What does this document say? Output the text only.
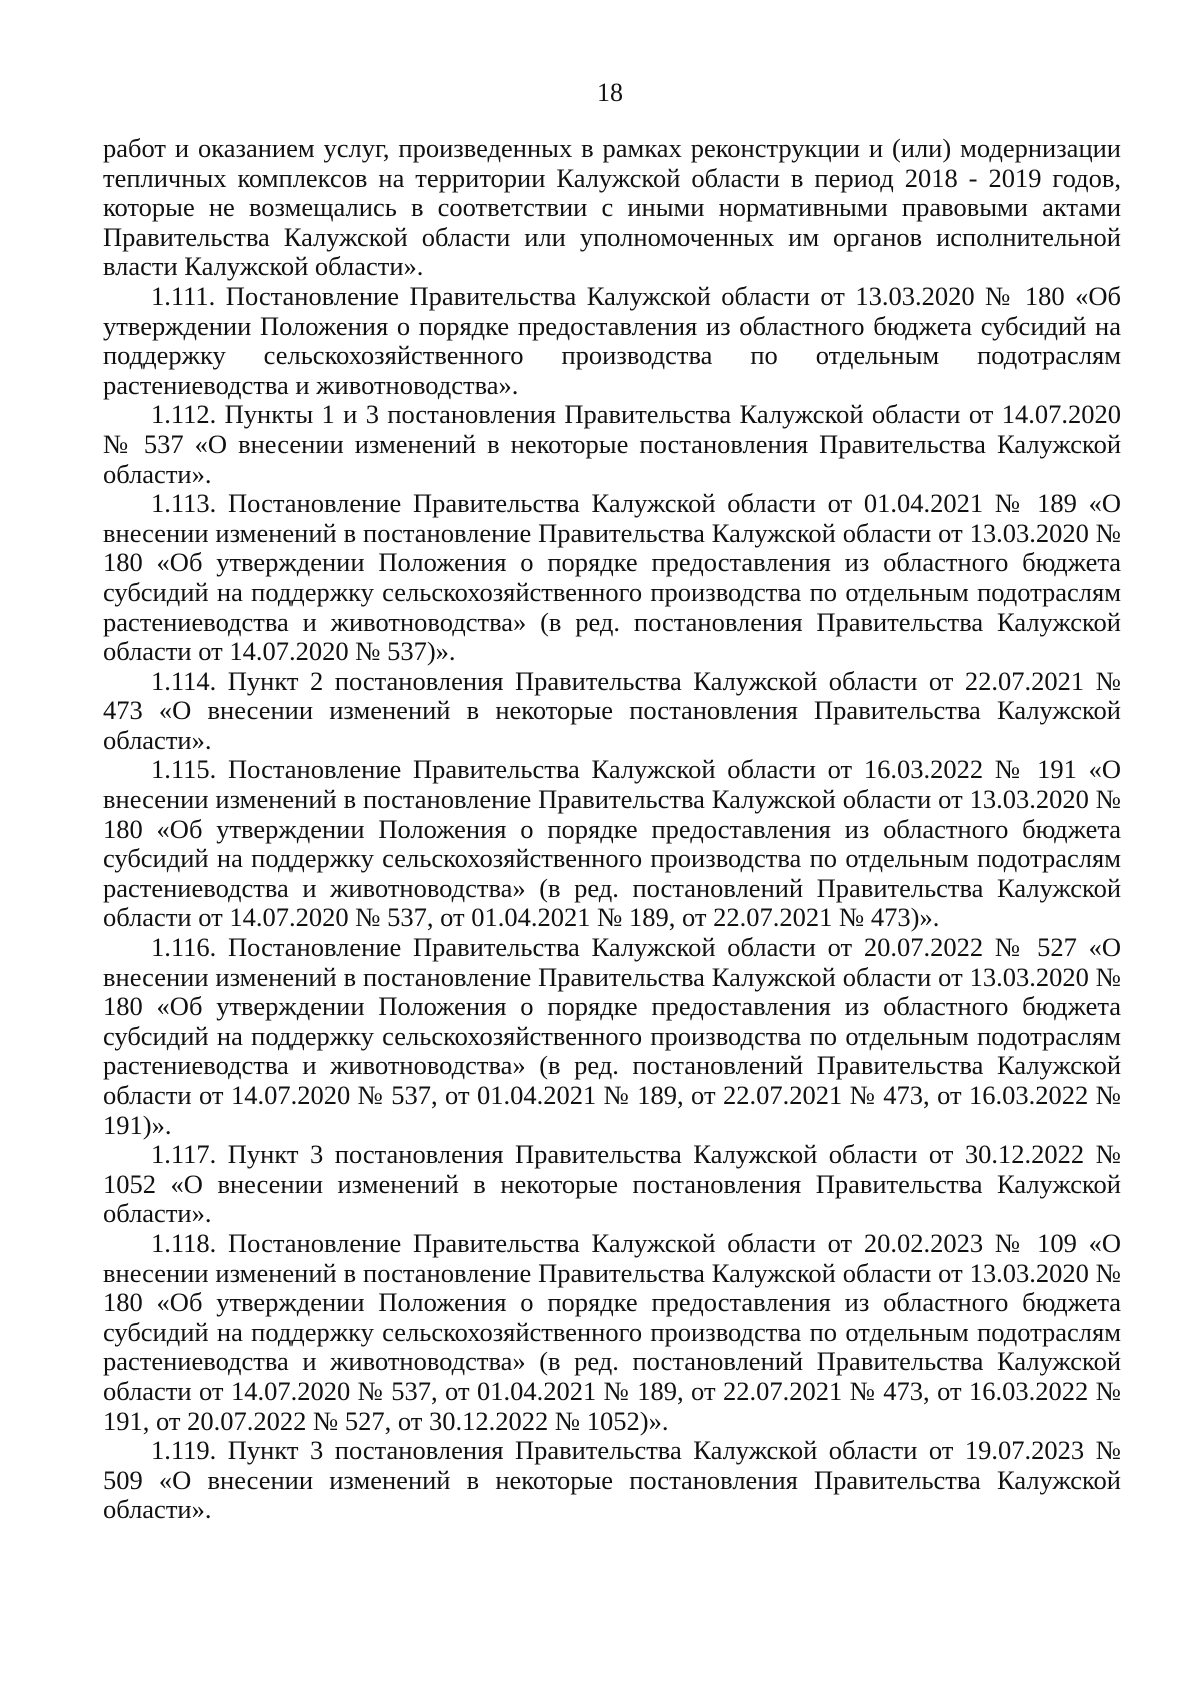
18

работ и оказанием услуг, произведенных в рамках реконструкции и (или) модернизации тепличных комплексов на территории Калужской области в период 2018 - 2019 годов, которые не возмещались в соответствии с иными нормативными правовыми актами Правительства Калужской области или уполномоченных им органов исполнительной власти Калужской области».

1.111. Постановление Правительства Калужской области от 13.03.2020 № 180 «Об утверждении Положения о порядке предоставления из областного бюджета субсидий на поддержку сельскохозяйственного производства по отдельным подотраслям растениеводства и животноводства».

1.112. Пункты 1 и 3 постановления Правительства Калужской области от 14.07.2020 № 537 «О внесении изменений в некоторые постановления Правительства Калужской области».

1.113. Постановление Правительства Калужской области от 01.04.2021 № 189 «О внесении изменений в постановление Правительства Калужской области от 13.03.2020 № 180 «Об утверждении Положения о порядке предоставления из областного бюджета субсидий на поддержку сельскохозяйственного производства по отдельным подотраслям растениеводства и животноводства» (в ред. постановления Правительства Калужской области от 14.07.2020 № 537)».

1.114. Пункт 2 постановления Правительства Калужской области от 22.07.2021 № 473 «О внесении изменений в некоторые постановления Правительства Калужской области».

1.115. Постановление Правительства Калужской области от 16.03.2022 № 191 «О внесении изменений в постановление Правительства Калужской области от 13.03.2020 № 180 «Об утверждении Положения о порядке предоставления из областного бюджета субсидий на поддержку сельскохозяйственного производства по отдельным подотраслям растениеводства и животноводства» (в ред. постановлений Правительства Калужской области от 14.07.2020 № 537, от 01.04.2021 № 189, от 22.07.2021 № 473)».

1.116. Постановление Правительства Калужской области от 20.07.2022 № 527 «О внесении изменений в постановление Правительства Калужской области от 13.03.2020 № 180 «Об утверждении Положения о порядке предоставления из областного бюджета субсидий на поддержку сельскохозяйственного производства по отдельным подотраслям растениеводства и животноводства» (в ред. постановлений Правительства Калужской области от 14.07.2020 № 537, от 01.04.2021 № 189, от 22.07.2021 № 473, от 16.03.2022 № 191)».

1.117. Пункт 3 постановления Правительства Калужской области от 30.12.2022 № 1052 «О внесении изменений в некоторые постановления Правительства Калужской области».

1.118. Постановление Правительства Калужской области от 20.02.2023 № 109 «О внесении изменений в постановление Правительства Калужской области от 13.03.2020 № 180 «Об утверждении Положения о порядке предоставления из областного бюджета субсидий на поддержку сельскохозяйственного производства по отдельным подотраслям растениеводства и животноводства» (в ред. постановлений Правительства Калужской области от 14.07.2020 № 537, от 01.04.2021 № 189, от 22.07.2021 № 473, от 16.03.2022 № 191, от 20.07.2022 № 527, от 30.12.2022 № 1052)».

1.119. Пункт 3 постановления Правительства Калужской области от 19.07.2023 № 509 «О внесении изменений в некоторые постановления Правительства Калужской области».
